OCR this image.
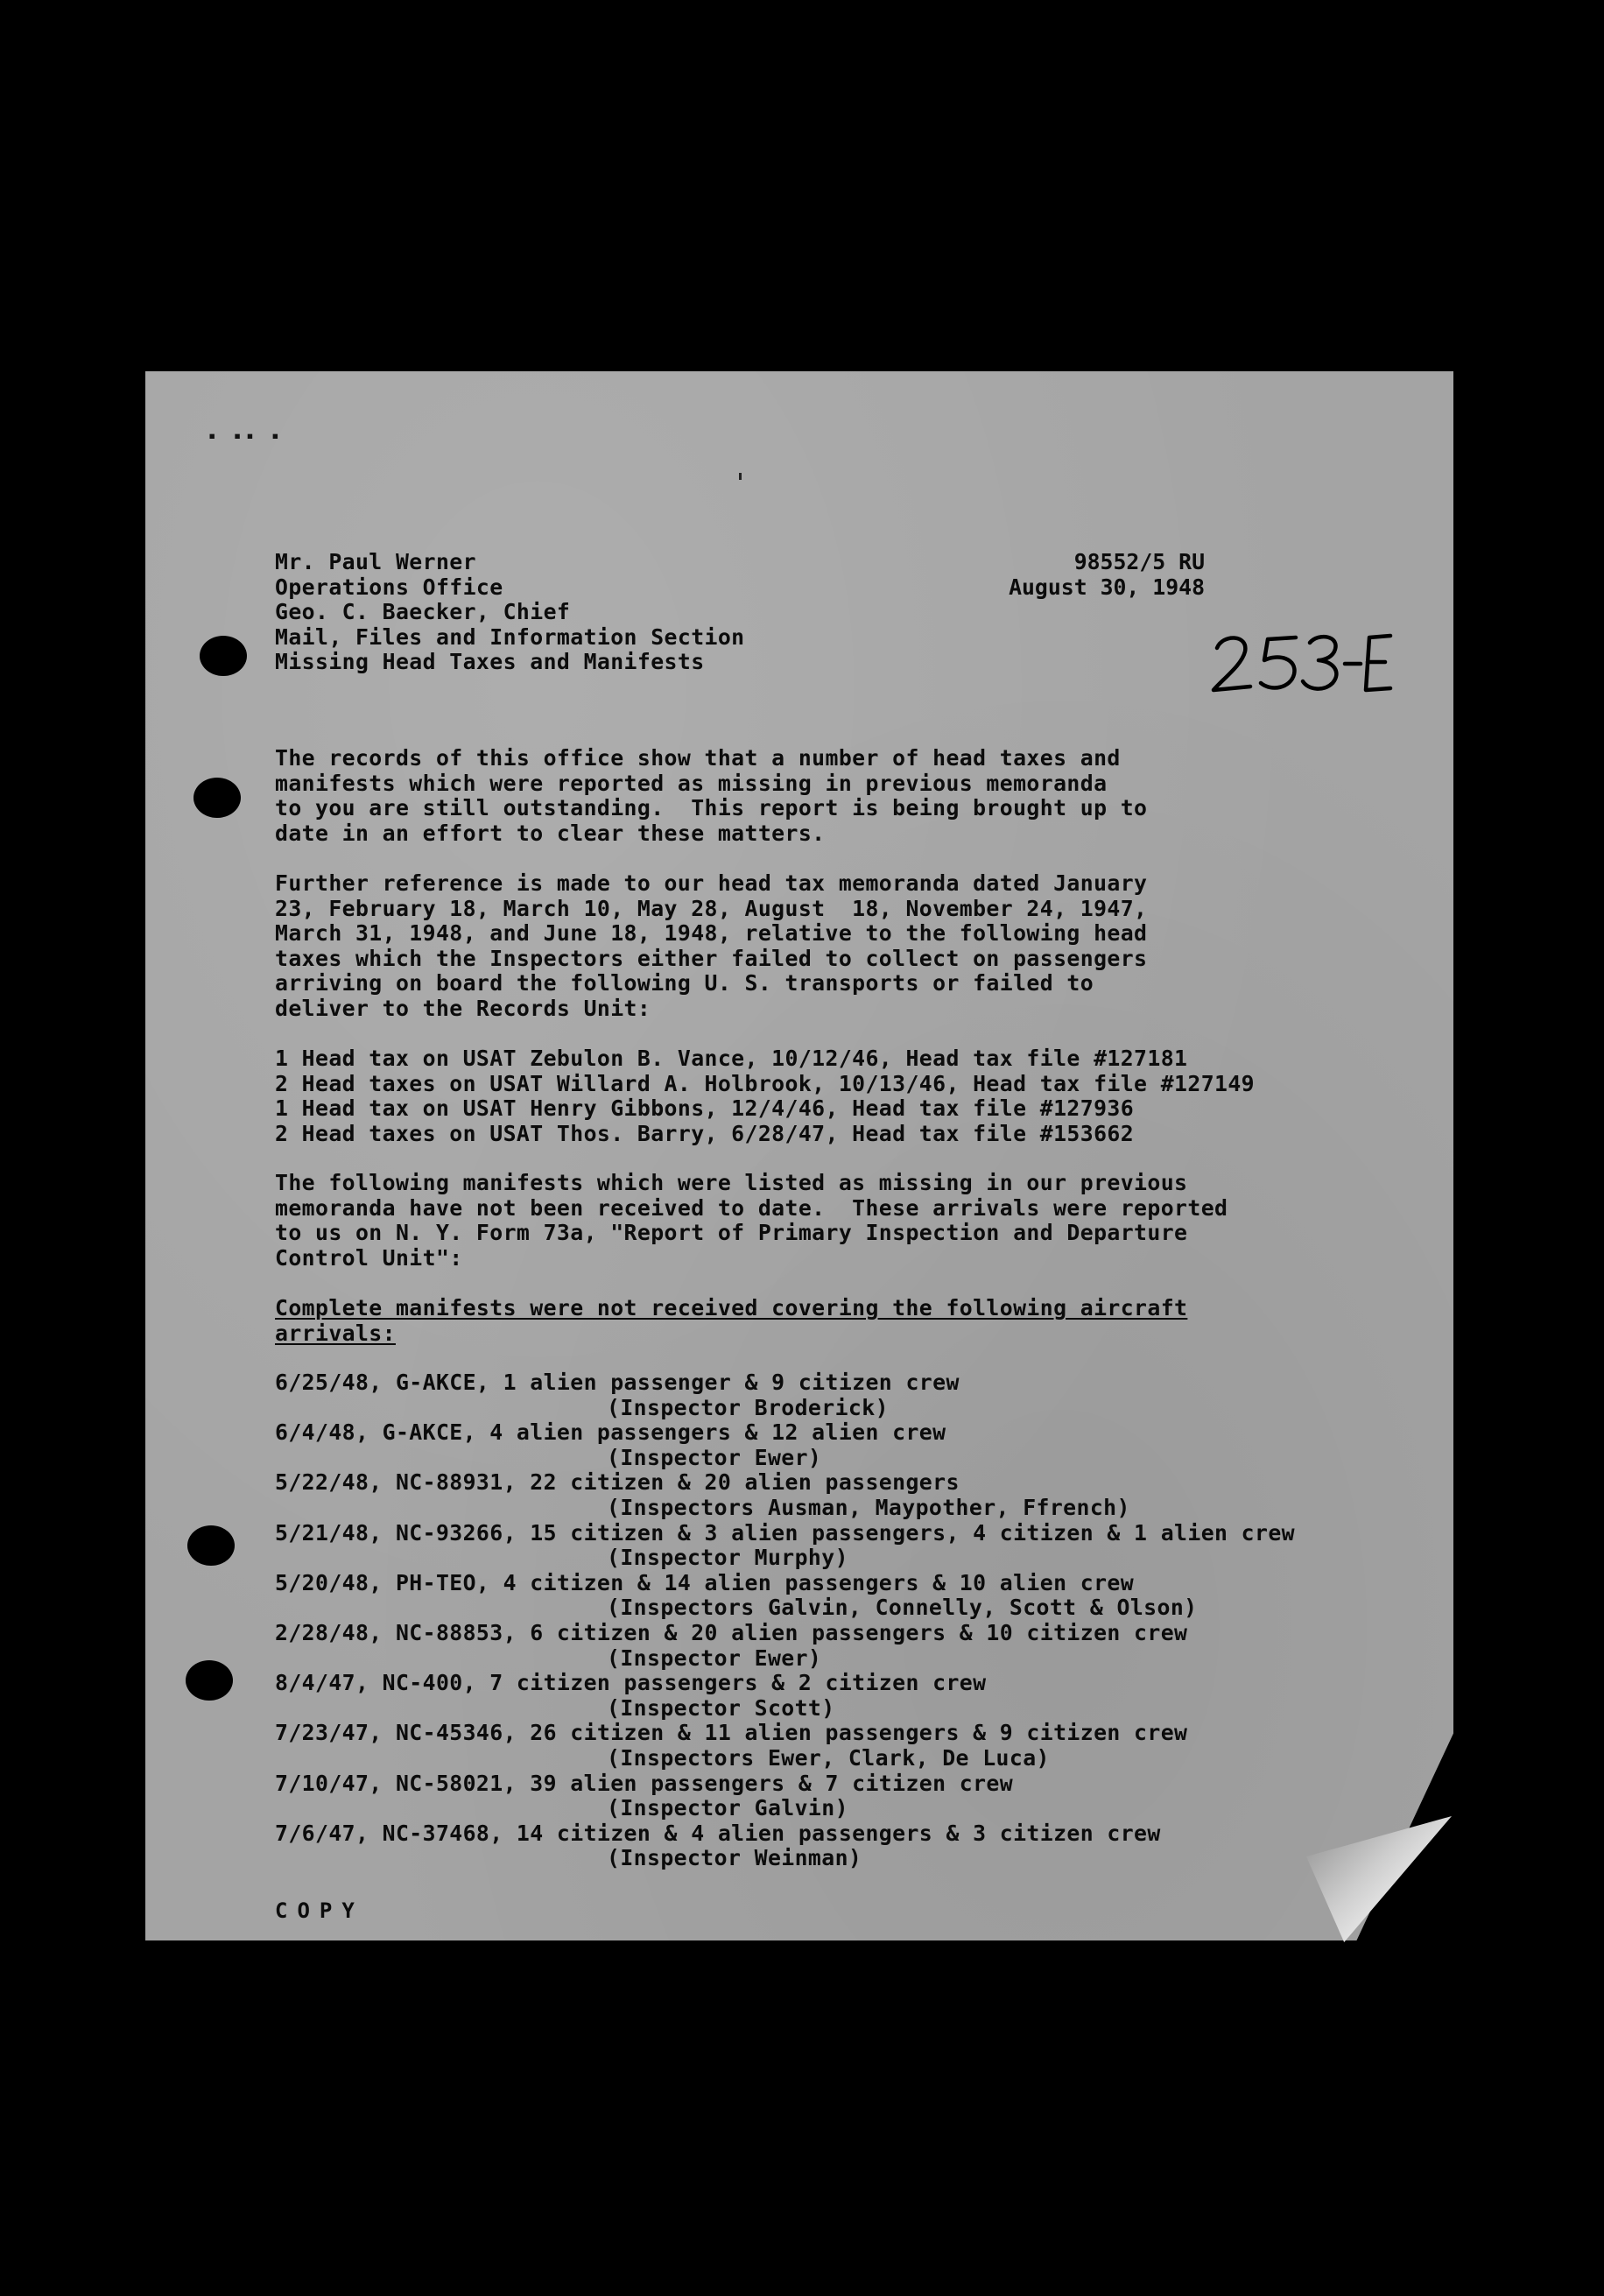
▪ ▪▪ ▪
Mr. Paul Werner
Operations Office
Geo. C. Baecker, Chief
Mail, Files and Information Section
Missing Head Taxes and Manifests
98552/5 RU
August 30, 1948
The records of this office show that a number of head taxes and
manifests which were reported as missing in previous memoranda
to you are still outstanding.  This report is being brought up to
date in an effort to clear these matters.
Further reference is made to our head tax memoranda dated January
23, February 18, March 10, May 28, August  18, November 24, 1947,
March 31, 1948, and June 18, 1948, relative to the following head
taxes which the Inspectors either failed to collect on passengers
arriving on board the following U. S. transports or failed to
deliver to the Records Unit:
1 Head tax on USAT Zebulon B. Vance, 10/12/46, Head tax file #127181
2 Head taxes on USAT Willard A. Holbrook, 10/13/46, Head tax file #127149
1 Head tax on USAT Henry Gibbons, 12/4/46, Head tax file #127936
2 Head taxes on USAT Thos. Barry, 6/28/47, Head tax file #153662
The following manifests which were listed as missing in our previous
memoranda have not been received to date.  These arrivals were reported
to us on N. Y. Form 73a, "Report of Primary Inspection and Departure
Control Unit":
Complete manifests were not received covering the following aircraft
arrivals:
6/25/48, G-AKCE, 1 alien passenger & 9 citizen crew
(Inspector Broderick)
6/4/48, G-AKCE, 4 alien passengers & 12 alien crew
(Inspector Ewer)
5/22/48, NC-88931, 22 citizen & 20 alien passengers
(Inspectors Ausman, Maypother, Ffrench)
5/21/48, NC-93266, 15 citizen & 3 alien passengers, 4 citizen & 1 alien crew
(Inspector Murphy)
5/20/48, PH-TEO, 4 citizen & 14 alien passengers & 10 alien crew
(Inspectors Galvin, Connelly, Scott & Olson)
2/28/48, NC-88853, 6 citizen & 20 alien passengers & 10 citizen crew
(Inspector Ewer)
8/4/47, NC-400, 7 citizen passengers & 2 citizen crew
(Inspector Scott)
7/23/47, NC-45346, 26 citizen & 11 alien passengers & 9 citizen crew
(Inspectors Ewer, Clark, De Luca)
7/10/47, NC-58021, 39 alien passengers & 7 citizen crew
(Inspector Galvin)
7/6/47, NC-37468, 14 citizen & 4 alien passengers & 3 citizen crew
(Inspector Weinman)
COPY
